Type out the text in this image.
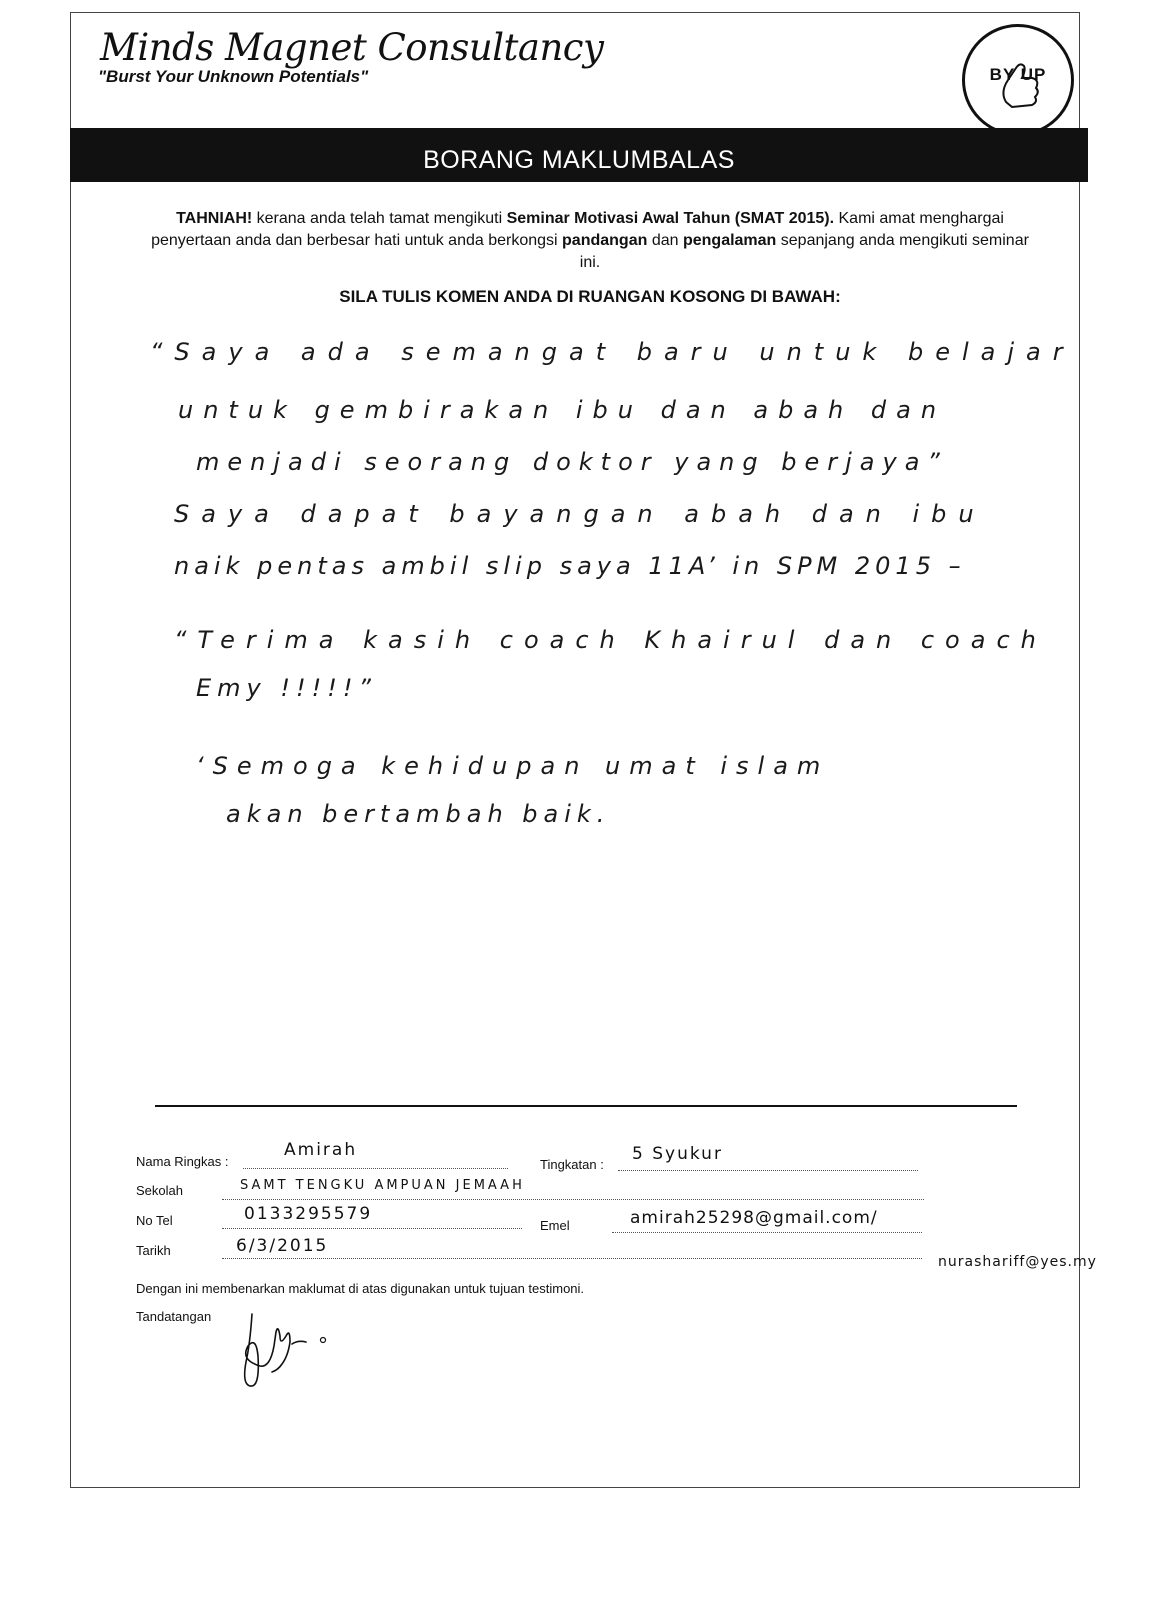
Minds Magnet Consultancy
"Burst Your Unknown Potentials"	BY UP
BORANG MAKLUMBALAS
TAHNIAH! kerana anda telah tamat mengikuti Seminar Motivasi Awal Tahun (SMAT 2015). Kami amat menghargai penyertaan anda dan berbesar hati untuk anda berkongsi pandangan dan pengalaman sepanjang anda mengikuti seminar ini.
SILA TULIS KOMEN ANDA DI RUANGAN KOSONG DI BAWAH:
“Saya ada semangat baru untuk belajar
untuk gembirakan ibu dan abah dan
menjadi seorang doktor yang berjaya”
Saya dapat bayangan abah dan ibu
naik pentas ambil slip saya 11A’ in SPM 2015 –
“Terima kasih coach Khairul dan coach
Emy !!!!!”
‘Semoga kehidupan umat islam
akan bertambah baik.
Nama Ringkas :
Amirah
Tingkatan :
5 Syukur
Sekolah	SAMT TENGKU AMPUAN JEMAAH
No Tel	0133295579
Emel	amirah25298@gmail.com/
Tarikh	6/3/2015
nurashariff@yes.my
Dengan ini membenarkan maklumat di atas digunakan untuk tujuan testimoni.
Tandatangan
